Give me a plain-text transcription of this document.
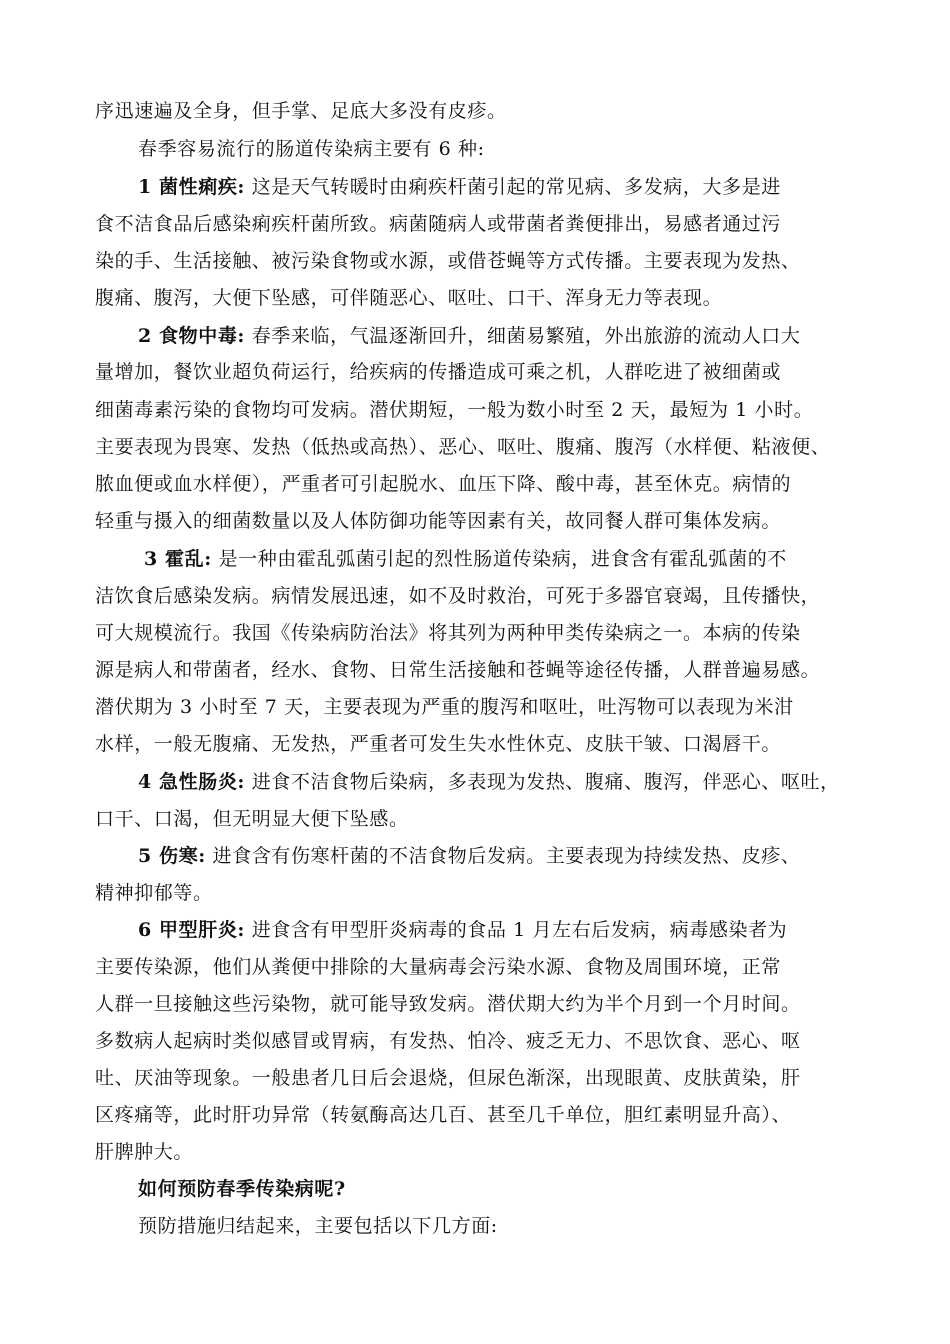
序迅速遍及全身，但手掌、足底大多没有皮疹。
春季容易流行的肠道传染病主要有 6 种:
1 菌性痢疾: 这是天气转暖时由痢疾杆菌引起的常见病、多发病，大多是进
食不洁食品后感染痢疾杆菌所致。病菌随病人或带菌者粪便排出，易感者通过污
染的手、生活接触、被污染食物或水源，或借苍蝇等方式传播。主要表现为发热、
腹痛、腹泻，大便下坠感，可伴随恶心、呕吐、口干、浑身无力等表现。
2 食物中毒: 春季来临，气温逐渐回升，细菌易繁殖，外出旅游的流动人口大
量增加，餐饮业超负荷运行，给疾病的传播造成可乘之机，人群吃进了被细菌或
细菌毒素污染的食物均可发病。潜伏期短，一般为数小时至 2 天，最短为 1 小时。
主要表现为畏寒、发热（低热或高热）、恶心、呕吐、腹痛、腹泻（水样便、粘液便、
脓血便或血水样便），严重者可引起脱水、血压下降、酸中毒，甚至休克。病情的
轻重与摄入的细菌数量以及人体防御功能等因素有关，故同餐人群可集体发病。
3 霍乱: 是一种由霍乱弧菌引起的烈性肠道传染病，进食含有霍乱弧菌的不
洁饮食后感染发病。病情发展迅速，如不及时救治，可死于多器官衰竭，且传播快，
可大规模流行。我国《传染病防治法》将其列为两种甲类传染病之一。本病的传染
源是病人和带菌者，经水、食物、日常生活接触和苍蝇等途径传播，人群普遍易感。
潜伏期为 3 小时至 7 天，主要表现为严重的腹泻和呕吐，吐泻物可以表现为米泔
水样，一般无腹痛、无发热，严重者可发生失水性休克、皮肤干皱、口渴唇干。
4 急性肠炎: 进食不洁食物后染病，多表现为发热、腹痛、腹泻，伴恶心、呕吐，
口干、口渴，但无明显大便下坠感。
5 伤寒: 进食含有伤寒杆菌的不洁食物后发病。主要表现为持续发热、皮疹、
精神抑郁等。
6 甲型肝炎: 进食含有甲型肝炎病毒的食品 1 月左右后发病，病毒感染者为
主要传染源，他们从粪便中排除的大量病毒会污染水源、食物及周围环境，正常
人群一旦接触这些污染物，就可能导致发病。潜伏期大约为半个月到一个月时间。
多数病人起病时类似感冒或胃病，有发热、怕冷、疲乏无力、不思饮食、恶心、呕
吐、厌油等现象。一般患者几日后会退烧，但尿色渐深，出现眼黄、皮肤黄染，肝
区疼痛等，此时肝功异常（转氨酶高达几百、甚至几千单位，胆红素明显升高）、
肝脾肿大。
如何预防春季传染病呢?
预防措施归结起来，主要包括以下几方面:
